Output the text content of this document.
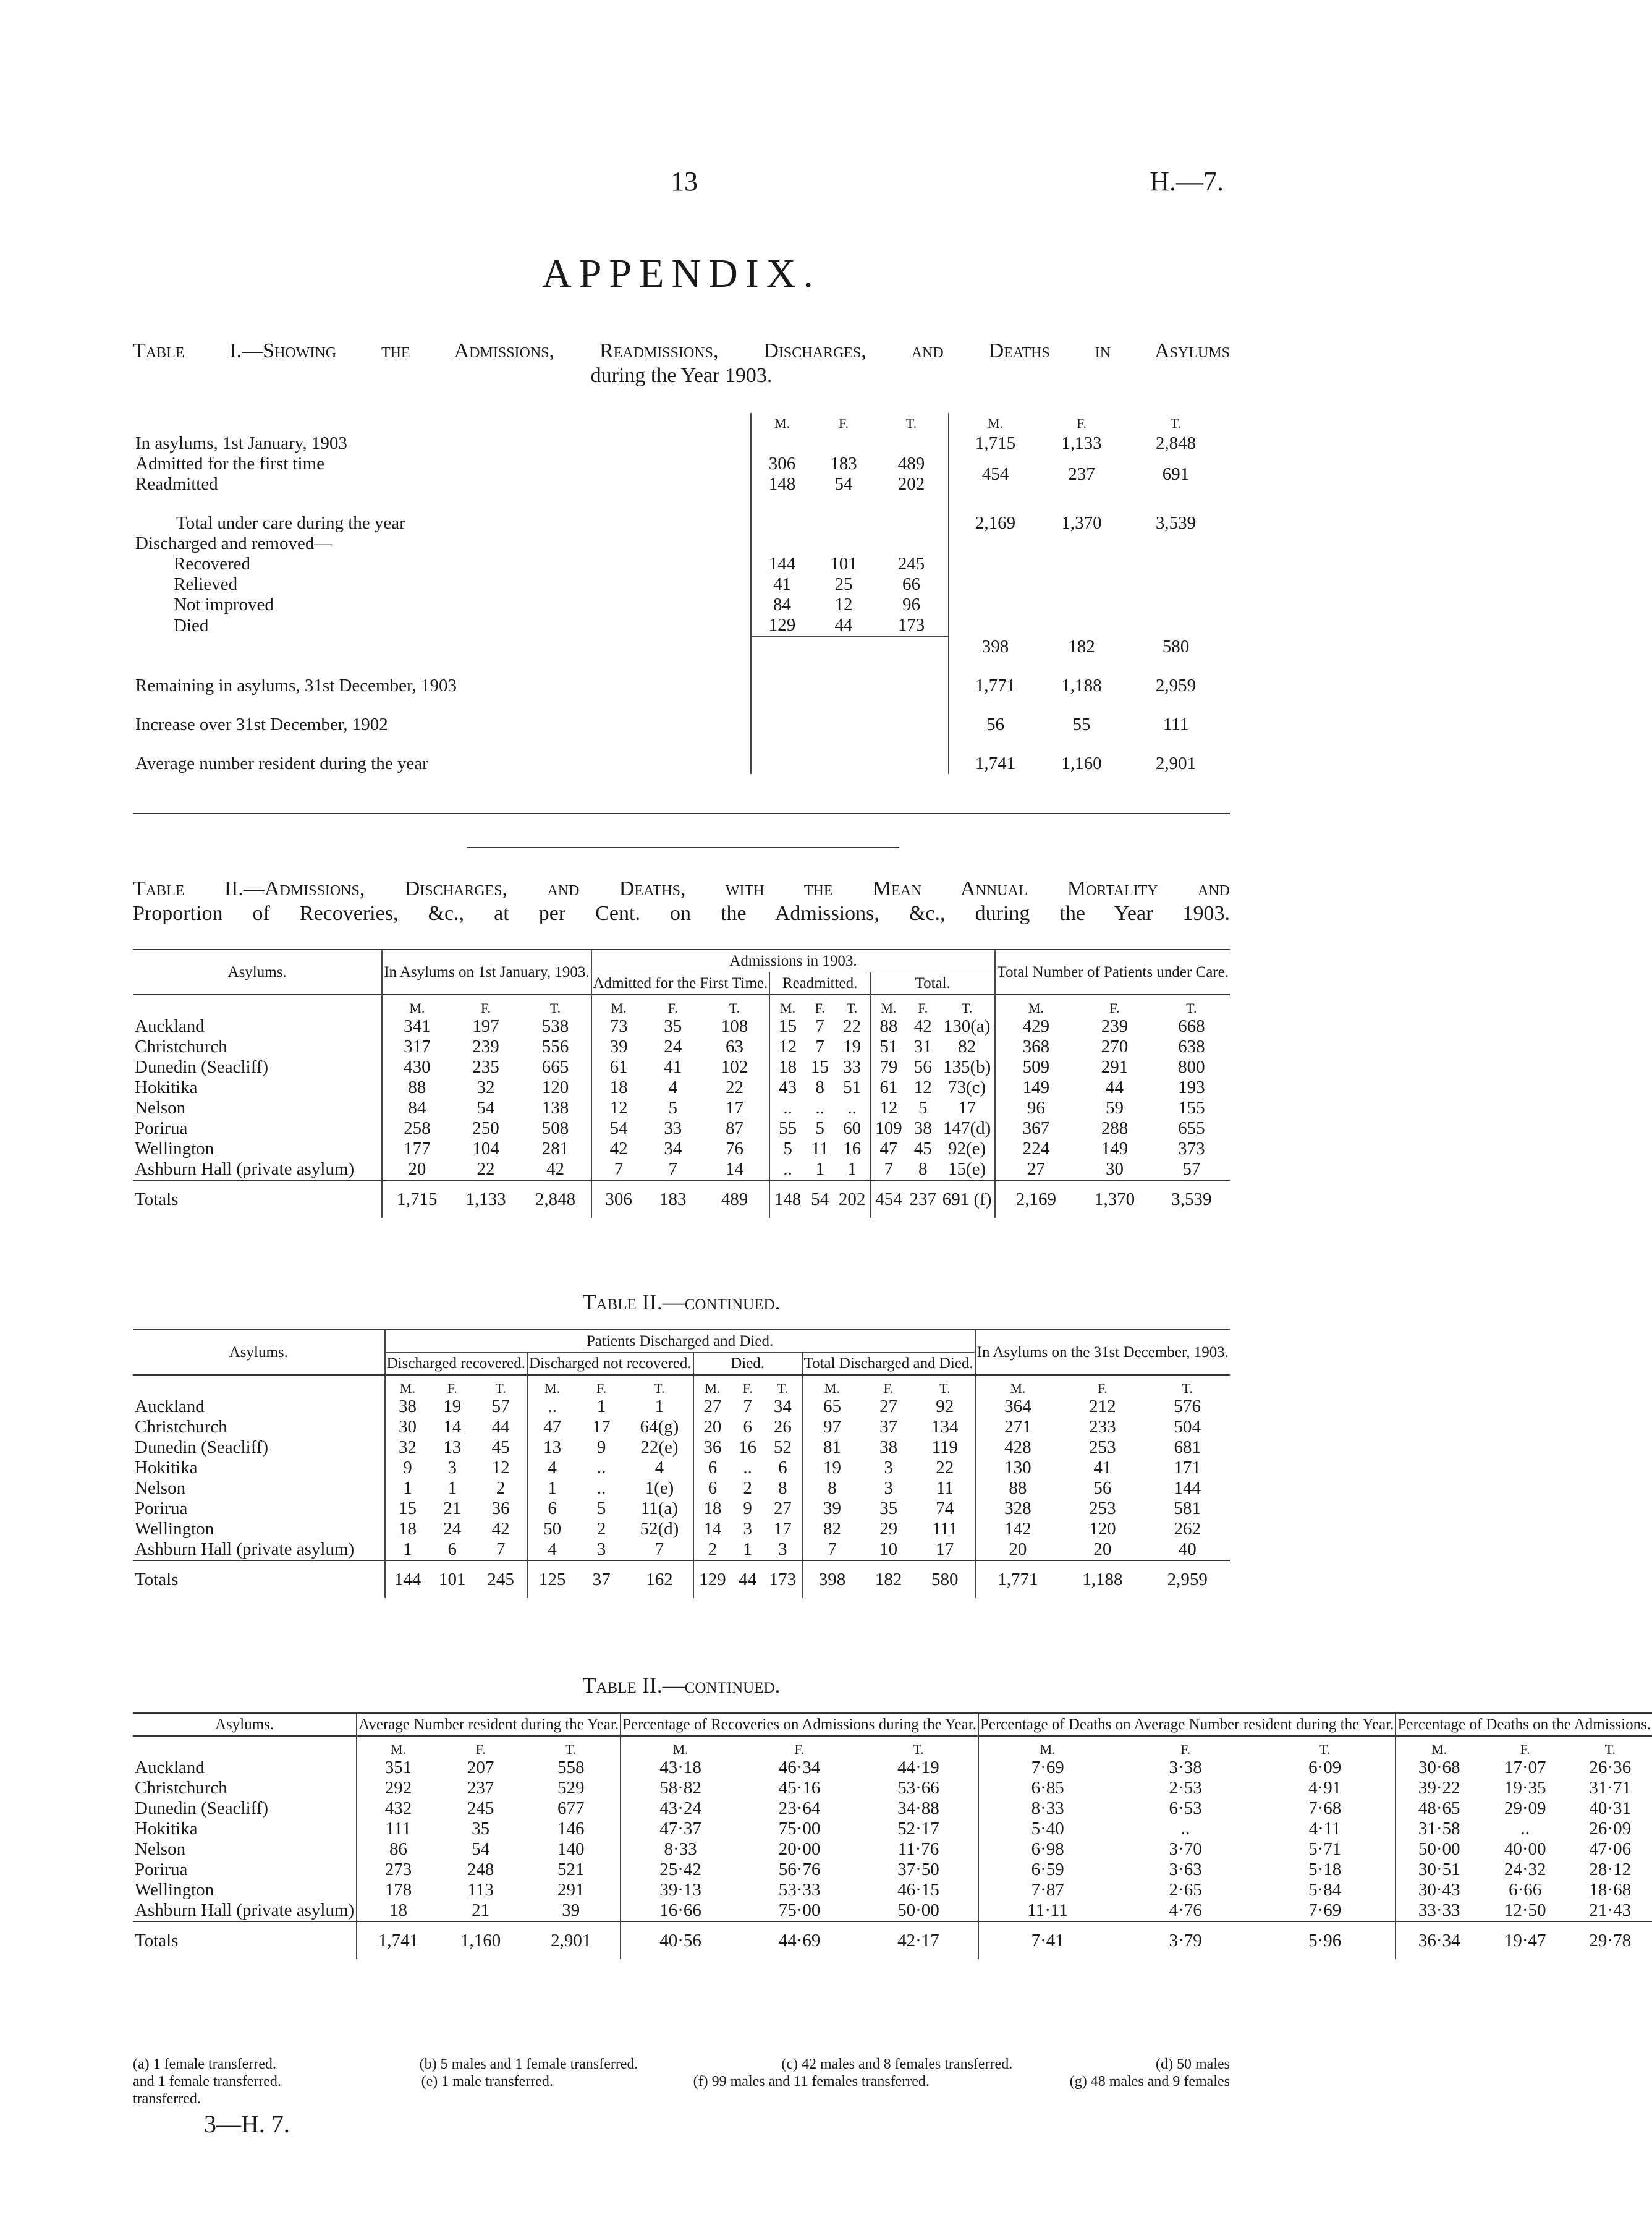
13	H.—7.
APPENDIX.
Table I.—Showing the Admissions, Readmissions, Discharges, and Deaths in Asylums
during the Year 1903.
	M.	F.	T.	M.	F.	T.
In asylums, 1st January, 1903				1,715	1,133	2,848
Admitted for the first time	306	183	489	454	237	691
Readmitted	148	54	202			

Total under care during the year				2,169	1,370	3,539
Discharged and removed—						
Recovered	144	101	245			
Relieved	41	25	66			
Not improved	84	12	96			
Died	129	44	173			
				398	182	580

Remaining in asylums, 31st December, 1903				1,771	1,188	2,959

Increase over 31st December, 1902				56	55	111

Average number resident during the year				1,741	1,160	2,901
Table II.—Admissions, Discharges, and Deaths, with the Mean Annual Mortality and
Proportion of Recoveries, &c., at per Cent. on the Admissions, &c., during the Year 1903.
Asylums.	In Asylums on 1st January, 1903.			Admissions in 1903.									Total Number of Patients under Care.		
				Admitted for the First Time.			Readmitted.			Total.					
	M.	F.	T.	M.	F.	T.	M.	F.	T.	M.	F.	T.	M.	F.	T.
Auckland	341	197	538	73	35	108	15	7	22	88	42	130(a)	429	239	668
Christchurch	317	239	556	39	24	63	12	7	19	51	31	82	368	270	638
Dunedin (Seacliff)	430	235	665	61	41	102	18	15	33	79	56	135(b)	509	291	800
Hokitika	88	32	120	18	4	22	43	8	51	61	12	73(c)	149	44	193
Nelson	84	54	138	12	5	17	..	..	..	12	5	17	96	59	155
Porirua	258	250	508	54	33	87	55	5	60	109	38	147(d)	367	288	655
Wellington	177	104	281	42	34	76	5	11	16	47	45	92(e)	224	149	373
Ashburn Hall (private asylum)	20	22	42	7	7	14	..	1	1	7	8	15(e)	27	30	57
Totals	1,715	1,133	2,848	306	183	489	148	54	202	454	237	691 (f)	2,169	1,370	3,539
Table II.—continued.
Asylums.	Patients Discharged and Died.												In Asylums on the 31st December, 1903.		
	Discharged recovered.			Discharged not recovered.			Died.			Total Discharged and Died.					
	M.	F.	T.	M.	F.	T.	M.	F.	T.	M.	F.	T.	M.	F.	T.
Auckland	38	19	57	..	1	1	27	7	34	65	27	92	364	212	576
Christchurch	30	14	44	47	17	64(g)	20	6	26	97	37	134	271	233	504
Dunedin (Seacliff)	32	13	45	13	9	22(e)	36	16	52	81	38	119	428	253	681
Hokitika	9	3	12	4	..	4	6	..	6	19	3	22	130	41	171
Nelson	1	1	2	1	..	1(e)	6	2	8	8	3	11	88	56	144
Porirua	15	21	36	6	5	11(a)	18	9	27	39	35	74	328	253	581
Wellington	18	24	42	50	2	52(d)	14	3	17	82	29	111	142	120	262
Ashburn Hall (private asylum)	1	6	7	4	3	7	2	1	3	7	10	17	20	20	40
Totals	144	101	245	125	37	162	129	44	173	398	182	580	1,771	1,188	2,959
Table II.—continued.
Asylums.	Average Number resident during the Year.			Percentage of Recoveries on Admissions during the Year.			Percentage of Deaths on Average Number resident during the Year.			Percentage of Deaths on the Admissions.		
	M.	F.	T.	M.	F.	T.	M.	F.	T.	M.	F.	T.
Auckland	351	207	558	43·18	46·34	44·19	7·69	3·38	6·09	30·68	17·07	26·36
Christchurch	292	237	529	58·82	45·16	53·66	6·85	2·53	4·91	39·22	19·35	31·71
Dunedin (Seacliff)	432	245	677	43·24	23·64	34·88	8·33	6·53	7·68	48·65	29·09	40·31
Hokitika	111	35	146	47·37	75·00	52·17	5·40	..	4·11	31·58	..	26·09
Nelson	86	54	140	8·33	20·00	11·76	6·98	3·70	5·71	50·00	40·00	47·06
Porirua	273	248	521	25·42	56·76	37·50	6·59	3·63	5·18	30·51	24·32	28·12
Wellington	178	113	291	39·13	53·33	46·15	7·87	2·65	5·84	30·43	6·66	18·68
Ashburn Hall (private asylum)	18	21	39	16·66	75·00	50·00	11·11	4·76	7·69	33·33	12·50	21·43
Totals	1,741	1,160	2,901	40·56	44·69	42·17	7·41	3·79	5·96	36·34	19·47	29·78
(a) 1 female transferred.	(b) 5 males and 1 female transferred.	(c) 42 males and 8 females transferred.	(d) 50 males
and 1 female transferred.	(e) 1 male transferred.	(f) 99 males and 11 females transferred.	(g) 48 males and 9 females
transferred.
3—H. 7.
